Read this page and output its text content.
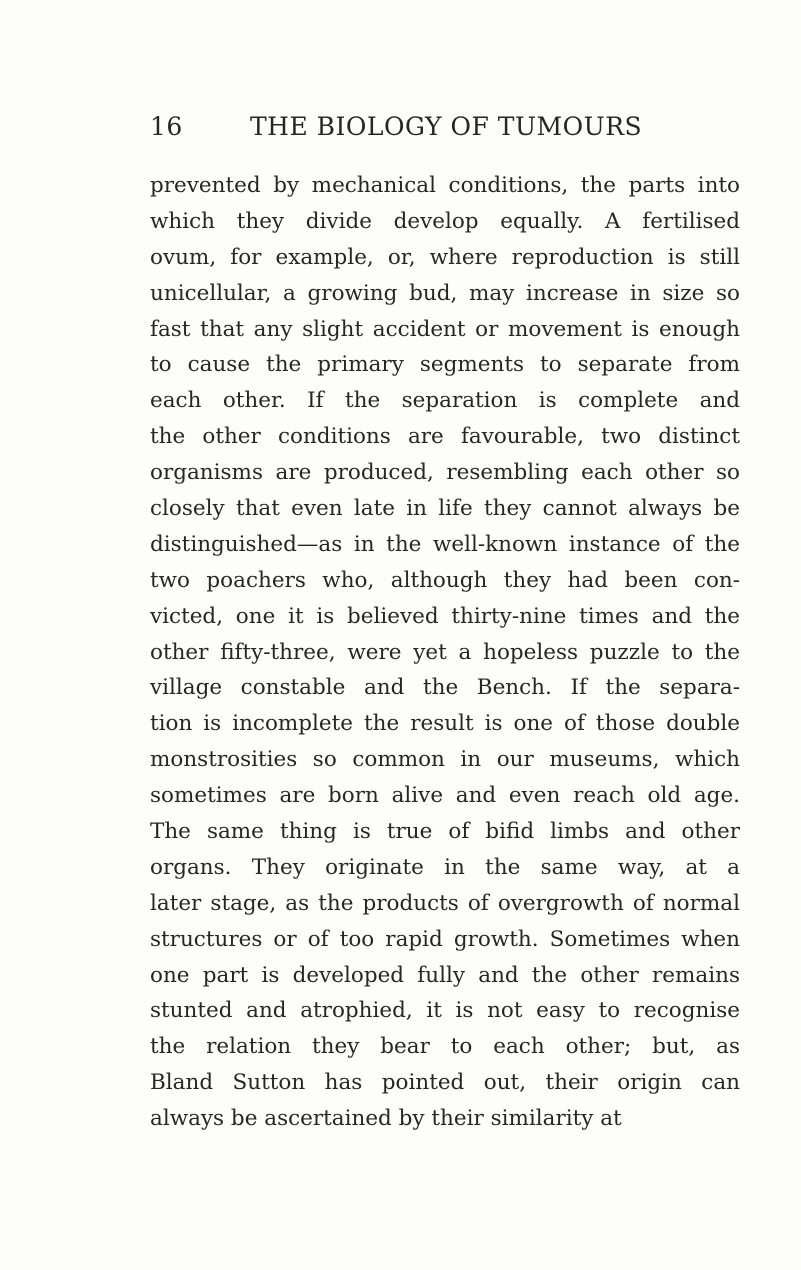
16	THE BIOLOGY OF TUMOURS
prevented by mechanical conditions, the parts into
which they divide develop equally. A fertilised
ovum, for example, or, where reproduction is still
unicellular, a growing bud, may increase in size so
fast that any slight accident or movement is enough
to cause the primary segments to separate from
each other. If the separation is complete and
the other conditions are favourable, two distinct
organisms are produced, resembling each other so
closely that even late in life they cannot always be
distinguished—as in the well-known instance of the
two poachers who, although they had been con-
victed, one it is believed thirty-nine times and the
other fifty-three, were yet a hopeless puzzle to the
village constable and the Bench. If the separa-
tion is incomplete the result is one of those double
monstrosities so common in our museums, which
sometimes are born alive and even reach old age.
The same thing is true of bifid limbs and other
organs. They originate in the same way, at a
later stage, as the products of overgrowth of normal
structures or of too rapid growth. Sometimes when
one part is developed fully and the other remains
stunted and atrophied, it is not easy to recognise
the relation they bear to each other; but, as
Bland Sutton has pointed out, their origin can
always be ascertained by their similarity at
